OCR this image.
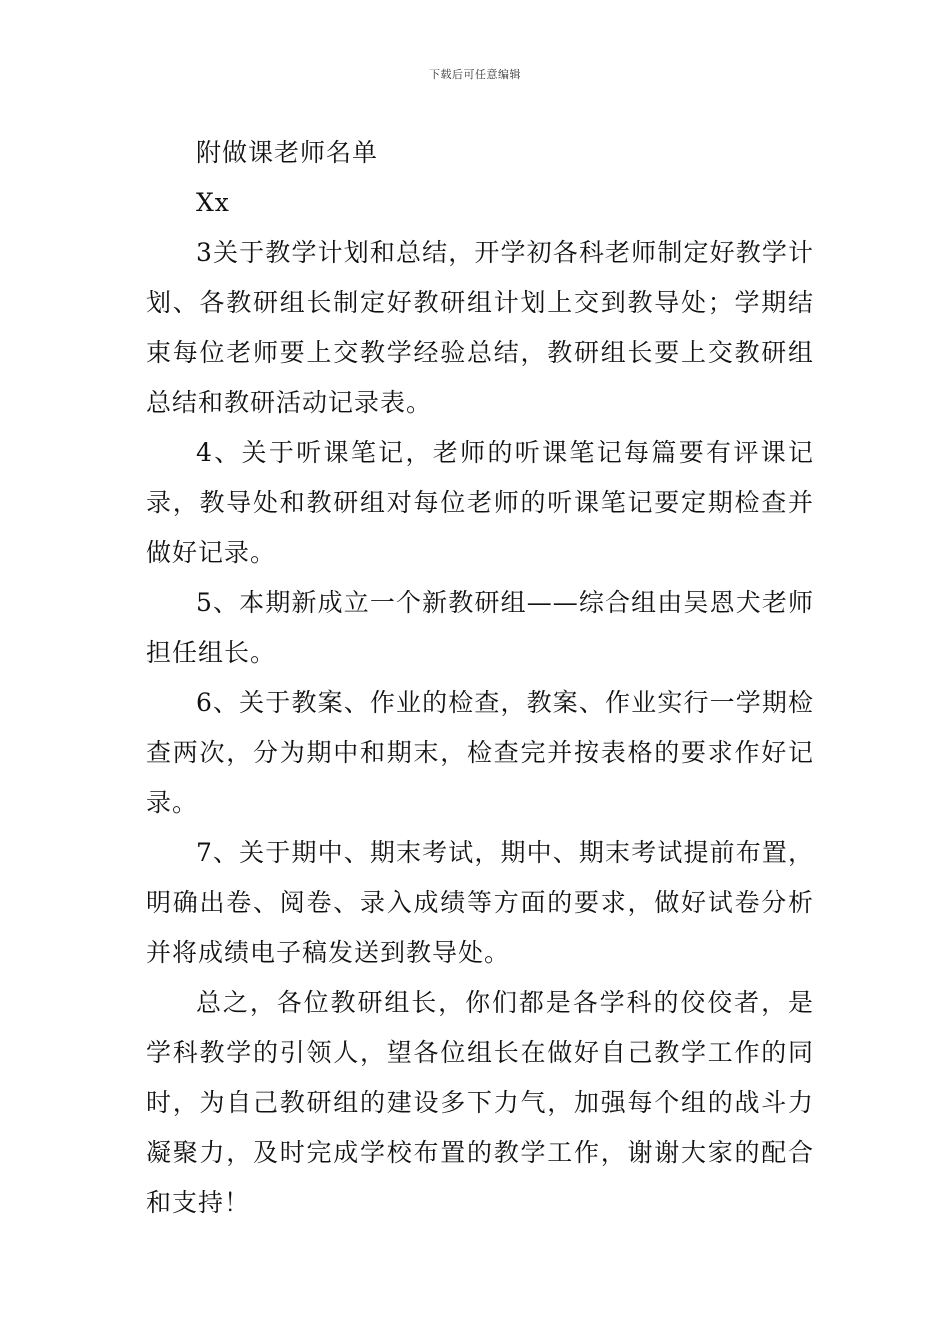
下载后可任意编辑

附做课老师名单

Xx

3关于教学计划和总结，开学初各科老师制定好教学计划、各教研组长制定好教研组计划上交到教导处；学期结束每位老师要上交教学经验总结，教研组长要上交教研组总结和教研活动记录表。

4、关于听课笔记，老师的听课笔记每篇要有评课记录，教导处和教研组对每位老师的听课笔记要定期检查并做好记录。

5、本期新成立一个新教研组——综合组由吴恩犬老师担任组长。

6、关于教案、作业的检查，教案、作业实行一学期检查两次，分为期中和期末，检查完并按表格的要求作好记录。

7、关于期中、期末考试，期中、期末考试提前布置，明确出卷、阅卷、录入成绩等方面的要求，做好试卷分析并将成绩电子稿发送到教导处。

总之，各位教研组长，你们都是各学科的佼佼者，是学科教学的引领人，望各位组长在做好自己教学工作的同时，为自己教研组的建设多下力气，加强每个组的战斗力凝聚力，及时完成学校布置的教学工作，谢谢大家的配合和支持！
